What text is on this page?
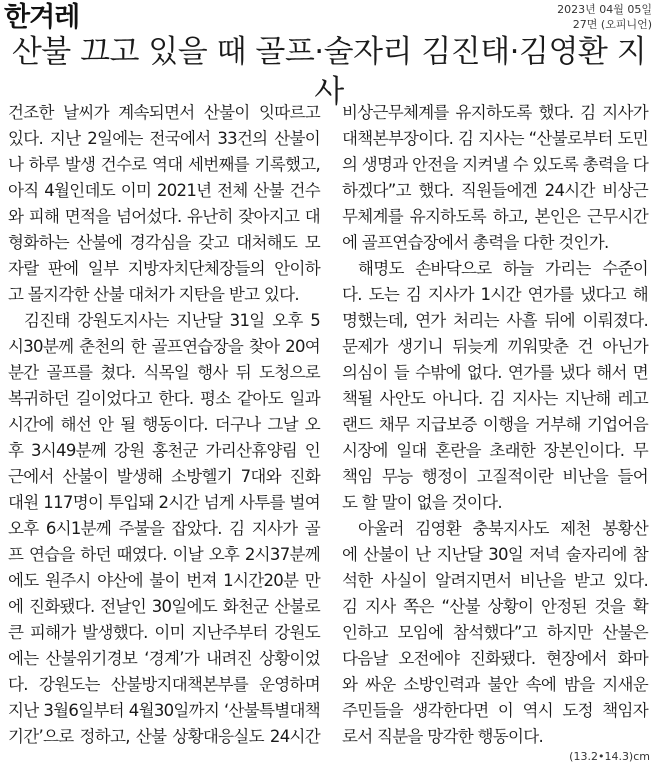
한겨레	2023년 04월 05일
27면 (오피니언)
산불 끄고 있을 때 골프·술자리 김진태·김영환 지사
건조한 날씨가 계속되면서 산불이 잇따르고
있다. 지난 2일에는 전국에서 33건의 산불이
나 하루 발생 건수로 역대 세번째를 기록했고,
아직 4월인데도 이미 2021년 전체 산불 건수
와 피해 면적을 넘어섰다. 유난히 잦아지고 대
형화하는 산불에 경각심을 갖고 대처해도 모
자랄 판에 일부 지방자치단체장들의 안이하
고 몰지각한 산불 대처가 지탄을 받고 있다.
김진태 강원도지사는 지난달 31일 오후 5
시30분께 춘천의 한 골프연습장을 찾아 20여
분간 골프를 쳤다. 식목일 행사 뒤 도청으로
복귀하던 길이었다고 한다. 평소 같아도 일과
시간에 해선 안 될 행동이다. 더구나 그날 오
후 3시49분께 강원 홍천군 가리산휴양림 인
근에서 산불이 발생해 소방헬기 7대와 진화
대원 117명이 투입돼 2시간 넘게 사투를 벌여
오후 6시1분께 주불을 잡았다. 김 지사가 골
프 연습을 하던 때였다. 이날 오후 2시37분께
에도 원주시 야산에 불이 번져 1시간20분 만
에 진화됐다. 전날인 30일에도 화천군 산불로
큰 피해가 발생했다. 이미 지난주부터 강원도
에는 산불위기경보 ‘경계’가 내려진 상황이었
다. 강원도는 산불방지대책본부를 운영하며
지난 3월6일부터 4월30일까지 ‘산불특별대책
기간’으로 정하고, 산불 상황대응실도 24시간
비상근무체계를 유지하도록 했다. 김 지사가
대책본부장이다. 김 지사는 “산불로부터 도민
의 생명과 안전을 지켜낼 수 있도록 총력을 다
하겠다”고 했다. 직원들에겐 24시간 비상근
무체계를 유지하도록 하고, 본인은 근무시간
에 골프연습장에서 총력을 다한 것인가.
해명도 손바닥으로 하늘 가리는 수준이
다. 도는 김 지사가 1시간 연가를 냈다고 해
명했는데, 연가 처리는 사흘 뒤에 이뤄졌다.
문제가 생기니 뒤늦게 끼워맞춘 건 아닌가
의심이 들 수밖에 없다. 연가를 냈다 해서 면
책될 사안도 아니다. 김 지사는 지난해 레고
랜드 채무 지급보증 이행을 거부해 기업어음
시장에 일대 혼란을 초래한 장본인이다. 무
책임 무능 행정이 고질적이란 비난을 들어
도 할 말이 없을 것이다.
아울러 김영환 충북지사도 제천 봉황산
에 산불이 난 지난달 30일 저녁 술자리에 참
석한 사실이 알려지면서 비난을 받고 있다.
김 지사 쪽은 “산불 상황이 안정된 것을 확
인하고 모임에 참석했다”고 하지만 산불은
다음날 오전에야 진화됐다. 현장에서 화마
와 싸운 소방인력과 불안 속에 밤을 지새운
주민들을 생각한다면 이 역시 도정 책임자
로서 직분을 망각한 행동이다.
(13.2•14.3)cm
